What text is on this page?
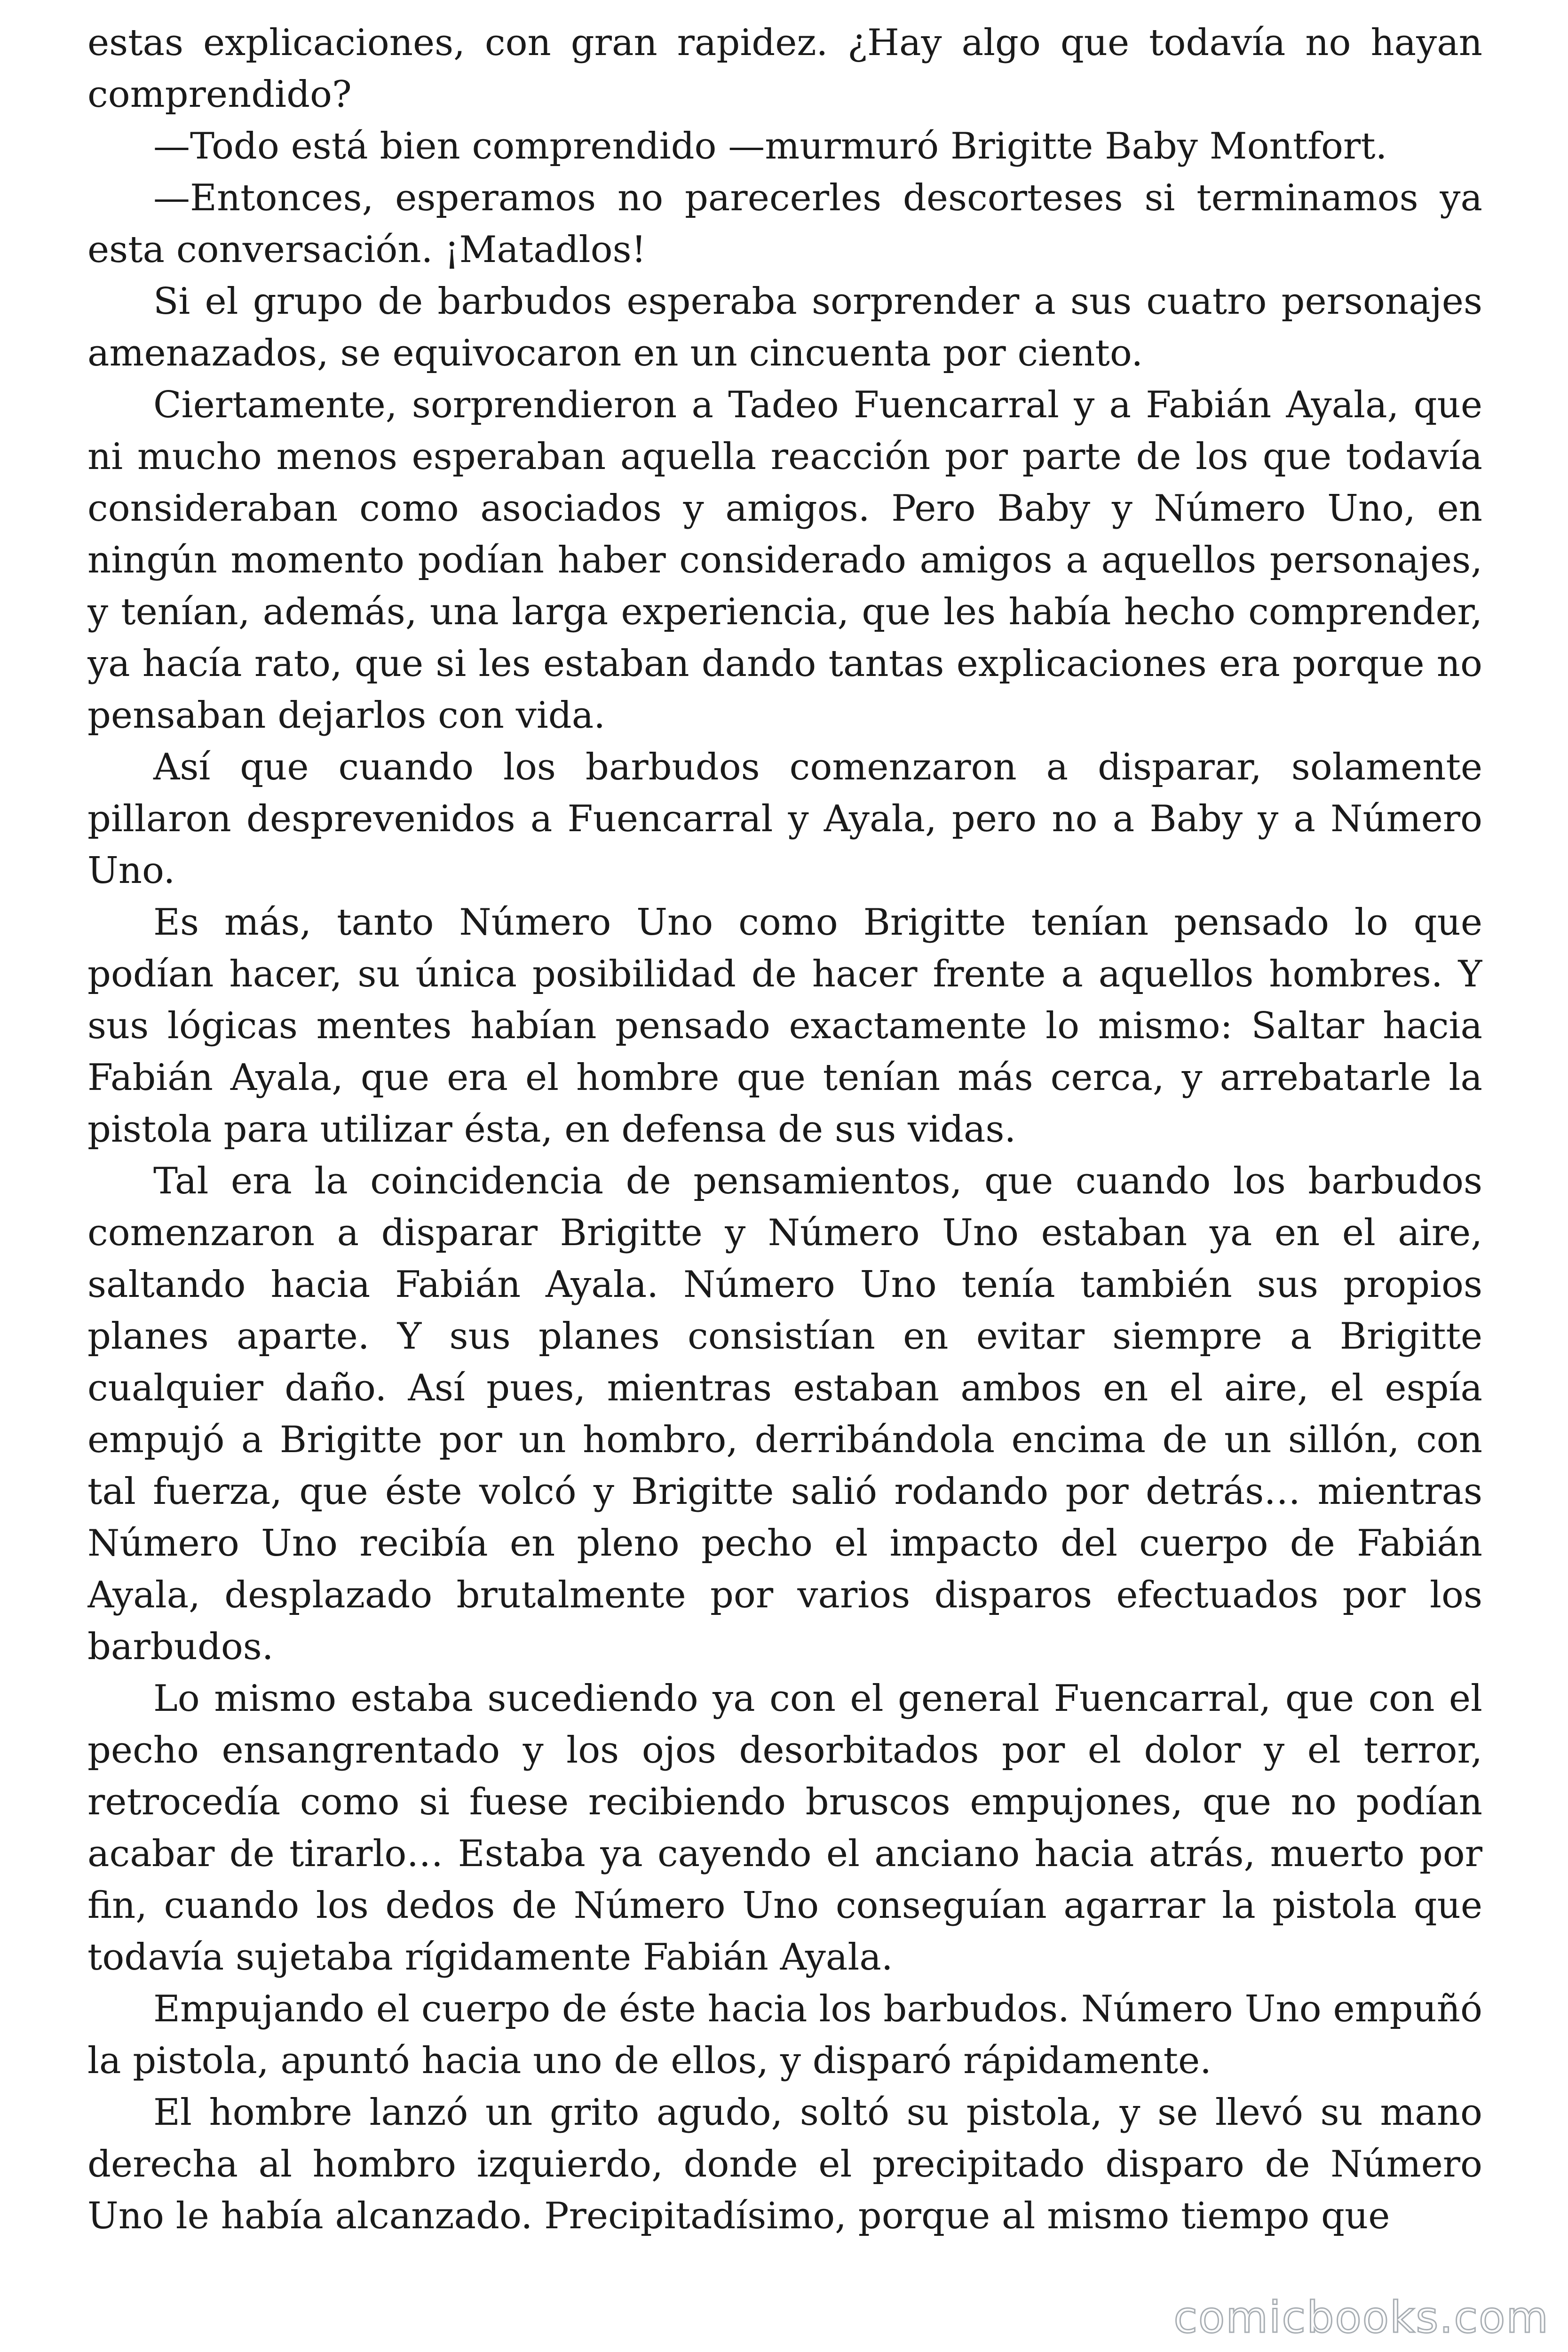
estas explicaciones, con gran rapidez. ¿Hay algo que todavía no hayan comprendido?

—Todo está bien comprendido —murmuró Brigitte Baby Montfort.

—Entonces, esperamos no parecerles descorteses si terminamos ya esta conversación. ¡Matadlos!

Si el grupo de barbudos esperaba sorprender a sus cuatro personajes amenazados, se equivocaron en un cincuenta por ciento.

Ciertamente, sorprendieron a Tadeo Fuencarral y a Fabián Ayala, que ni mucho menos esperaban aquella reacción por parte de los que todavía consideraban como asociados y amigos. Pero Baby y Número Uno, en ningún momento podían haber considerado amigos a aquellos personajes, y tenían, además, una larga experiencia, que les había hecho comprender, ya hacía rato, que si les estaban dando tantas explicaciones era porque no pensaban dejarlos con vida.

Así que cuando los barbudos comenzaron a disparar, solamente pillaron desprevenidos a Fuencarral y Ayala, pero no a Baby y a Número Uno.

Es más, tanto Número Uno como Brigitte tenían pensado lo que podían hacer, su única posibilidad de hacer frente a aquellos hombres. Y sus lógicas mentes habían pensado exactamente lo mismo: Saltar hacia Fabián Ayala, que era el hombre que tenían más cerca, y arrebatarle la pistola para utilizar ésta, en defensa de sus vidas.

Tal era la coincidencia de pensamientos, que cuando los barbudos comenzaron a disparar Brigitte y Número Uno estaban ya en el aire, saltando hacia Fabián Ayala. Número Uno tenía también sus propios planes aparte. Y sus planes consistían en evitar siempre a Brigitte cualquier daño. Así pues, mientras estaban ambos en el aire, el espía empujó a Brigitte por un hombro, derribándola encima de un sillón, con tal fuerza, que éste volcó y Brigitte salió rodando por detrás… mientras Número Uno recibía en pleno pecho el impacto del cuerpo de Fabián Ayala, desplazado brutalmente por varios disparos efectuados por los barbudos.

Lo mismo estaba sucediendo ya con el general Fuencarral, que con el pecho ensangrentado y los ojos desorbitados por el dolor y el terror, retrocedía como si fuese recibiendo bruscos empujones, que no podían acabar de tirarlo… Estaba ya cayendo el anciano hacia atrás, muerto por fin, cuando los dedos de Número Uno conseguían agarrar la pistola que todavía sujetaba rígidamente Fabián Ayala.

Empujando el cuerpo de éste hacia los barbudos. Número Uno empuñó la pistola, apuntó hacia uno de ellos, y disparó rápidamente.

El hombre lanzó un grito agudo, soltó su pistola, y se llevó su mano derecha al hombro izquierdo, donde el precipitado disparo de Número Uno le había alcanzado. Precipitadísimo, porque al mismo tiempo que

comicbooks.com
